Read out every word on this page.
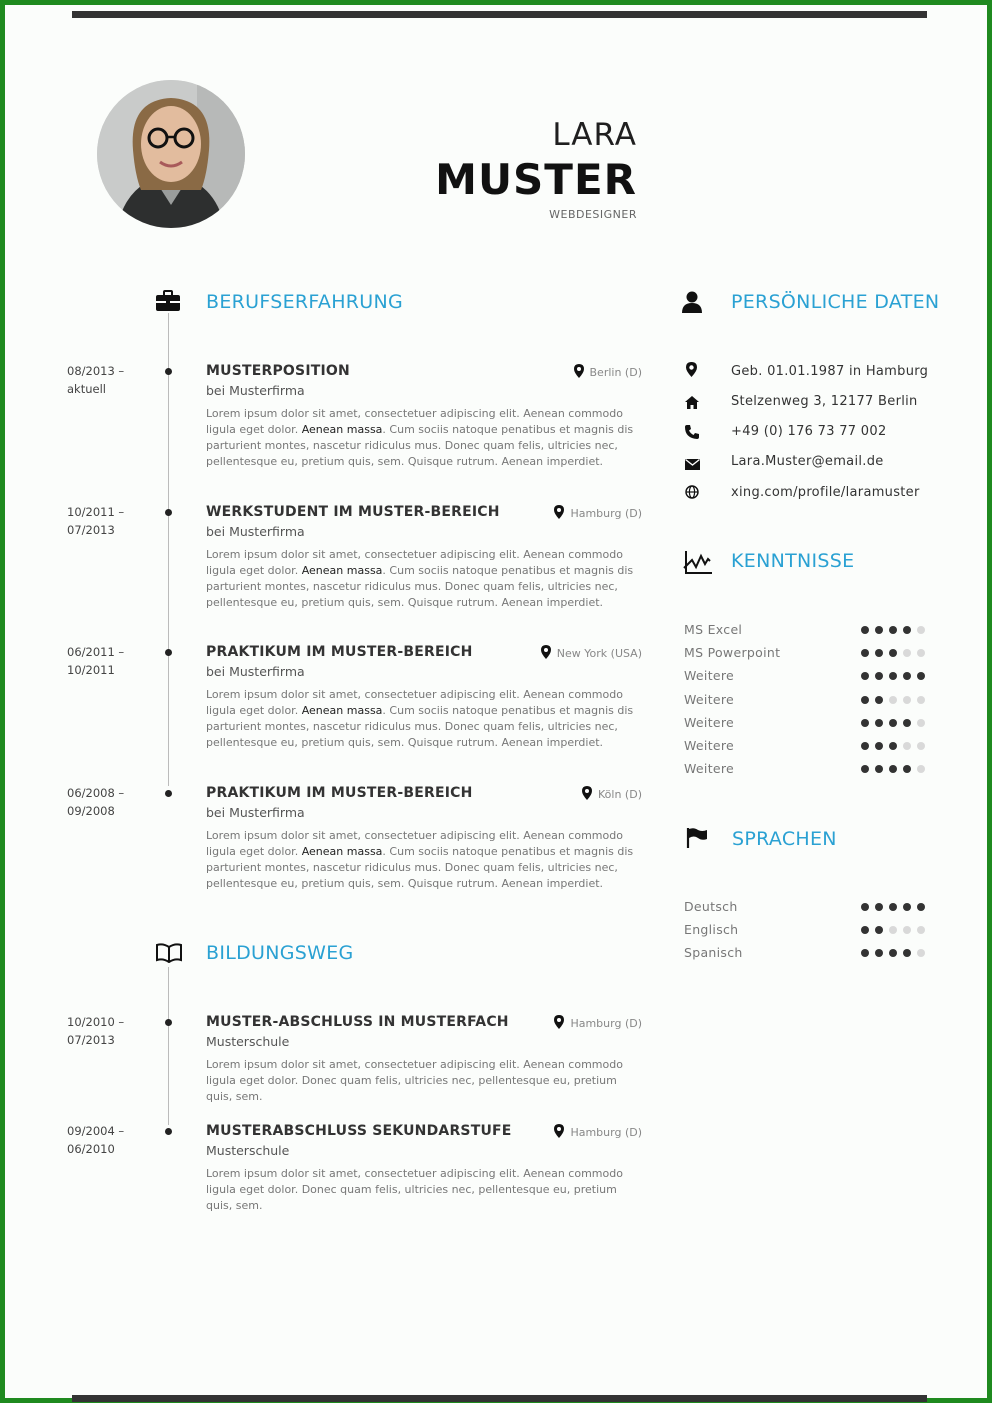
LARA
MUSTER
WEBDESIGNER
BERUFSERFAHRUNG
08/2013 –
aktuell
MUSTERPOSITION	Berlin (D)
bei Musterfirma
Lorem ipsum dolor sit amet, consectetuer adipiscing elit. Aenean commodo ligula eget dolor. Aenean massa. Cum sociis natoque penatibus et magnis dis parturient montes, nascetur ridiculus mus. Donec quam felis, ultricies nec, pellentesque eu, pretium quis, sem. Quisque rutrum. Aenean imperdiet.
10/2011 –
07/2013
WERKSTUDENT IM MUSTER-BEREICH	Hamburg (D)
bei Musterfirma
Lorem ipsum dolor sit amet, consectetuer adipiscing elit. Aenean commodo ligula eget dolor. Aenean massa. Cum sociis natoque penatibus et magnis dis parturient montes, nascetur ridiculus mus. Donec quam felis, ultricies nec, pellentesque eu, pretium quis, sem. Quisque rutrum. Aenean imperdiet.
06/2011 –
10/2011
PRAKTIKUM IM MUSTER-BEREICH	New York (USA)
bei Musterfirma
Lorem ipsum dolor sit amet, consectetuer adipiscing elit. Aenean commodo ligula eget dolor. Aenean massa. Cum sociis natoque penatibus et magnis dis parturient montes, nascetur ridiculus mus. Donec quam felis, ultricies nec, pellentesque eu, pretium quis, sem. Quisque rutrum. Aenean imperdiet.
06/2008 –
09/2008
PRAKTIKUM IM MUSTER-BEREICH	Köln (D)
bei Musterfirma
Lorem ipsum dolor sit amet, consectetuer adipiscing elit. Aenean commodo ligula eget dolor. Aenean massa. Cum sociis natoque penatibus et magnis dis parturient montes, nascetur ridiculus mus. Donec quam felis, ultricies nec, pellentesque eu, pretium quis, sem. Quisque rutrum. Aenean imperdiet.
BILDUNGSWEG
10/2010 –
07/2013
MUSTER-ABSCHLUSS IN MUSTERFACH	Hamburg (D)
Musterschule
Lorem ipsum dolor sit amet, consectetuer adipiscing elit. Aenean commodo ligula eget dolor. Donec quam felis, ultricies nec, pellentesque eu, pretium quis, sem.
09/2004 –
06/2010
MUSTERABSCHLUSS SEKUNDARSTUFE	Hamburg (D)
Musterschule
Lorem ipsum dolor sit amet, consectetuer adipiscing elit. Aenean commodo ligula eget dolor. Donec quam felis, ultricies nec, pellentesque eu, pretium quis, sem.
PERSÖNLICHE DATEN
Geb. 01.01.1987 in Hamburg
Stelzenweg 3, 12177 Berlin
+49 (0) 176 73 77 002
Lara.Muster@email.de
xing.com/profile/laramuster
KENNTNISSE
MS Excel
MS Powerpoint
Weitere
Weitere
Weitere
Weitere
Weitere
SPRACHEN
Deutsch
Englisch
Spanisch
